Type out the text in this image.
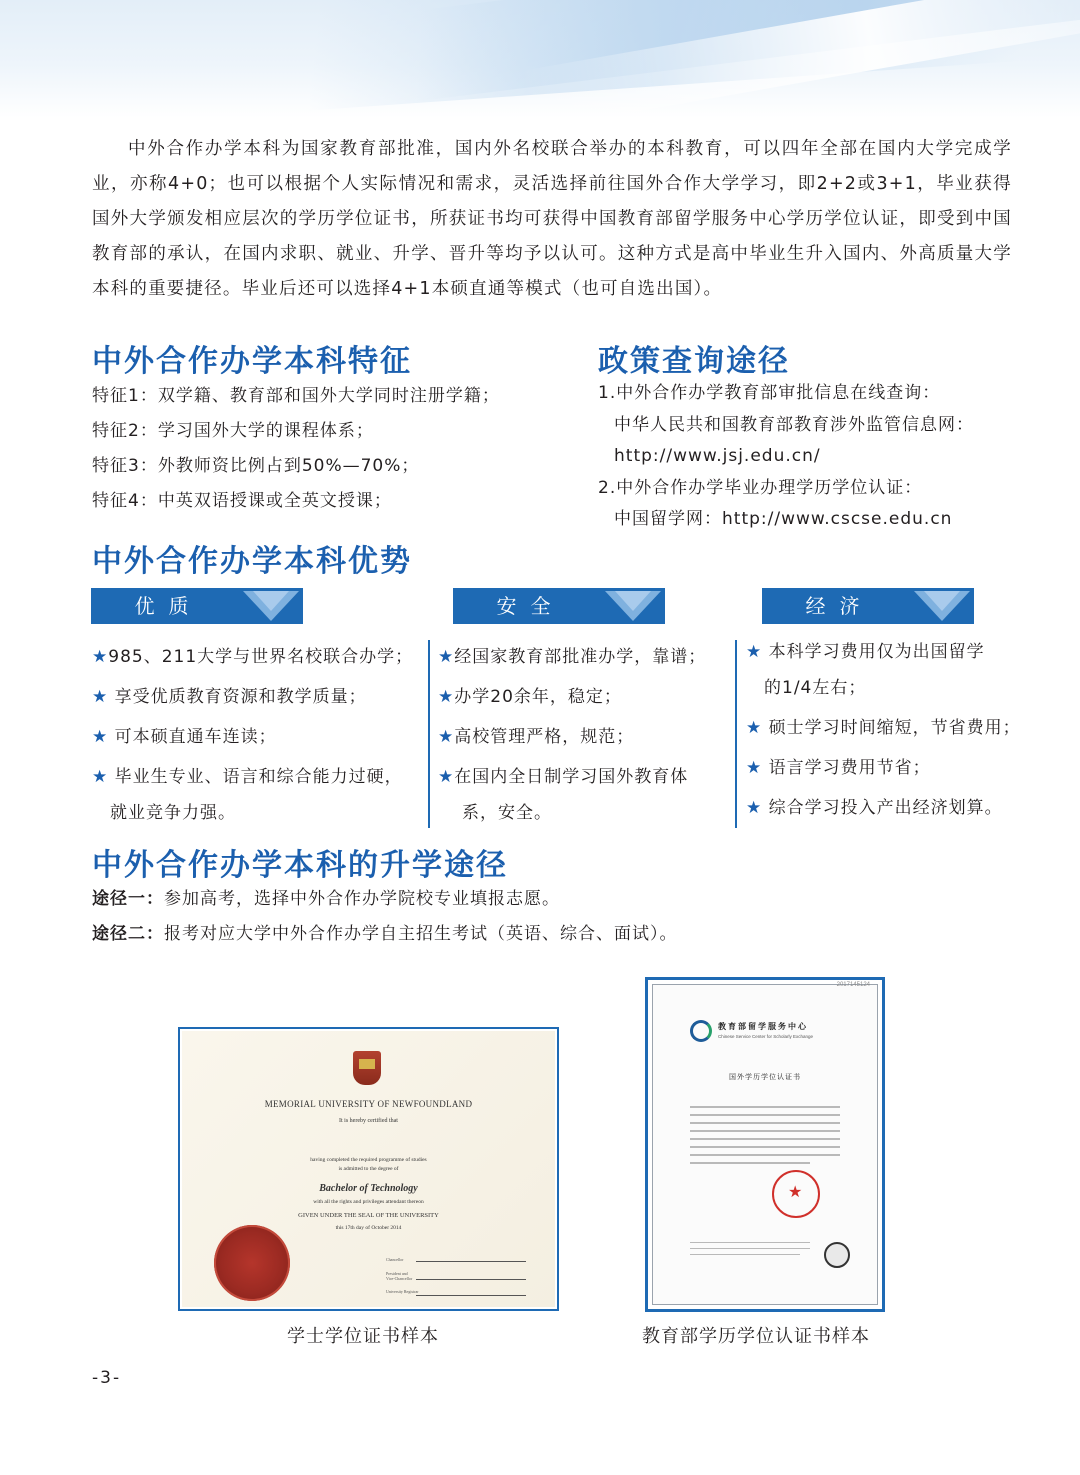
中外合作办学本科为国家教育部批准，国内外名校联合举办的本科教育，可以四年全部在国内大学完成学业，亦称4+0；也可以根据个人实际情况和需求，灵活选择前往国外合作大学学习，即2+2或3+1，毕业获得国外大学颁发相应层次的学历学位证书，所获证书均可获得中国教育部留学服务中心学历学位认证，即受到中国教育部的承认，在国内求职、就业、升学、晋升等均予以认可。这种方式是高中毕业生升入国内、外高质量大学本科的重要捷径。毕业后还可以选择4+1本硕直通等模式（也可自选出国）。

中外合作办学本科特征
特征1：双学籍、教育部和国外大学同时注册学籍；
特征2：学习国外大学的课程体系；
特征3：外教师资比例占到50%—70%；
特征4：中英双语授课或全英文授课；
政策查询途径
1.中外合作办学教育部审批信息在线查询：
中华人民共和国教育部教育涉外监管信息网：
http://www.jsj.edu.cn/
2.中外合作办学毕业办理学历学位认证：
中国留学网：http://www.cscse.edu.cn
中外合作办学本科优势
优质	安全	经济
★985、211大学与世界名校联合办学；
★ 享受优质教育资源和教学质量；
★ 可本硕直通车连读；
★ 毕业生专业、语言和综合能力过硬，
就业竞争力强。
★经国家教育部批准办学，靠谱；
★办学20余年，稳定；
★高校管理严格，规范；
★在国内全日制学习国外教育体
系，安全。
★ 本科学习费用仅为出国留学
的1/4左右；
★ 硕士学习时间缩短，节省费用；
★ 语言学习费用节省；
★ 综合学习投入产出经济划算。
中外合作办学本科的升学途径
途径一：参加高考，选择中外合作办学院校专业填报志愿。
途径二：报考对应大学中外合作办学自主招生考试（英语、综合、面试）。
MEMORIAL UNIVERSITY OF NEWFOUNDLAND
It is hereby certified that
having completed the required programme of studies
is admitted to the degree of
Bachelor of Technology
with all the rights and privileges attendant thereon
GIVEN UNDER THE SEAL OF THE UNIVERSITY
this 17th day of October 2014
Chancellor
President and Vice-Chancellor
University Registrar
学士学位证书样本
2017145124
教育部留学服务中心
Chinese Service Center for Scholarly Exchange
国外学历学位认证书
★
教育部学历学位认证书样本
-3-
